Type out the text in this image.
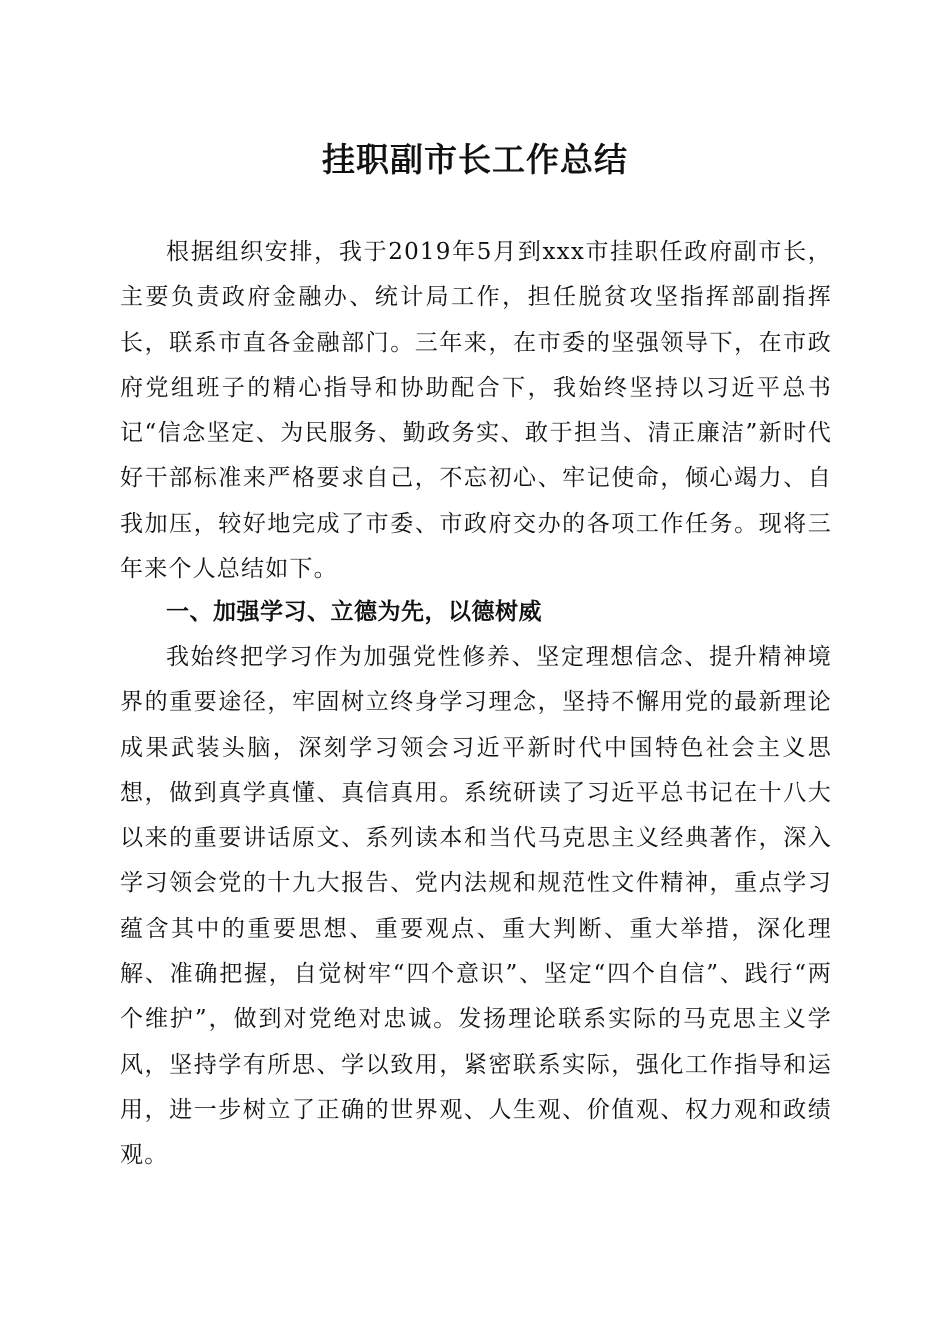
挂职副市长工作总结

根据组织安排，我于2019年5月到xxx市挂职任政府副市长，主要负责政府金融办、统计局工作，担任脱贫攻坚指挥部副指挥长，联系市直各金融部门。三年来，在市委的坚强领导下，在市政府党组班子的精心指导和协助配合下，我始终坚持以习近平总书记“信念坚定、为民服务、勤政务实、敢于担当、清正廉洁”新时代好干部标准来严格要求自己，不忘初心、牢记使命，倾心竭力、自我加压，较好地完成了市委、市政府交办的各项工作任务。现将三年来个人总结如下。

一、加强学习、立德为先，以德树威

我始终把学习作为加强党性修养、坚定理想信念、提升精神境界的重要途径，牢固树立终身学习理念，坚持不懈用党的最新理论成果武装头脑，深刻学习领会习近平新时代中国特色社会主义思想，做到真学真懂、真信真用。系统研读了习近平总书记在十八大以来的重要讲话原文、系列读本和当代马克思主义经典著作，深入学习领会党的十九大报告、党内法规和规范性文件精神，重点学习蕴含其中的重要思想、重要观点、重大判断、重大举措，深化理解、准确把握，自觉树牢“四个意识”、坚定“四个自信”、践行“两个维护”，做到对党绝对忠诚。发扬理论联系实际的马克思主义学风，坚持学有所思、学以致用，紧密联系实际，强化工作指导和运用，进一步树立了正确的世界观、人生观、价值观、权力观和政绩观。
